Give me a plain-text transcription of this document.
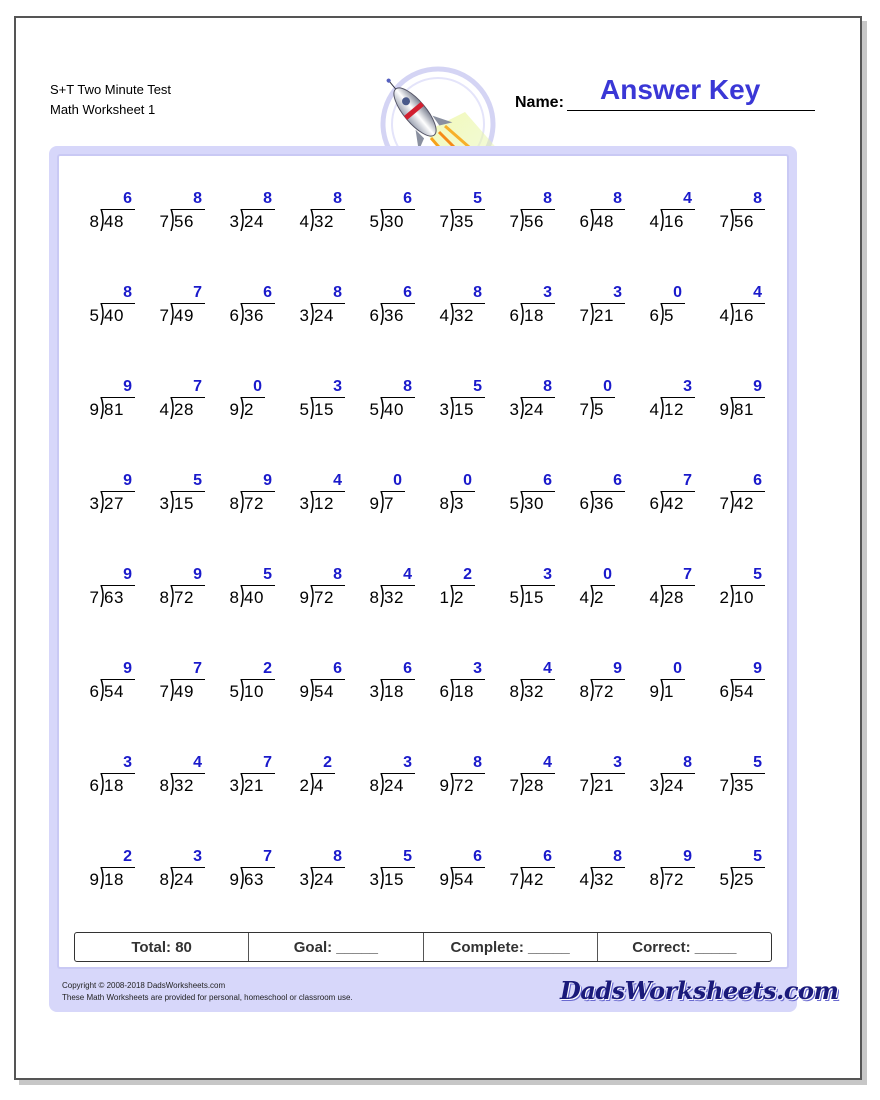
S+T Two Minute Test
Math Worksheet 1	Name: Answer Key
6
8 48
8
7 56
8
3 24
8
4 32
6
5 30
5
7 35
8
7 56
8
6 48
4
4 16
8
7 56
8
5 40
7
7 49
6
6 36
8
3 24
6
6 36
8
4 32
3
6 18
3
7 21
0
6 5
4
4 16
9
9 81
7
4 28
0
9 2
3
5 15
8
5 40
5
3 15
8
3 24
0
7 5
3
4 12
9
9 81
9
3 27
5
3 15
9
8 72
4
3 12
0
9 7
0
8 3
6
5 30
6
6 36
7
6 42
6
7 42
9
7 63
9
8 72
5
8 40
8
9 72
4
8 32
2
1 2
3
5 15
0
4 2
7
4 28
5
2 10
9
6 54
7
7 49
2
5 10
6
9 54
6
3 18
3
6 18
4
8 32
9
8 72
0
9 1
9
6 54
3
6 18
4
8 32
7
3 21
2
2 4
3
8 24
8
9 72
4
7 28
3
7 21
8
3 24
5
7 35
2
9 18
3
8 24
7
9 63
8
3 24
5
3 15
6
9 54
6
7 42
8
4 32
9
8 72
5
5 25
Total: 80	Goal: _____	Complete: _____	Correct: _____
Copyright © 2008-2018 DadsWorksheets.com
These Math Worksheets are provided for personal, homeschool or classroom use.	DadsWorksheets.com
